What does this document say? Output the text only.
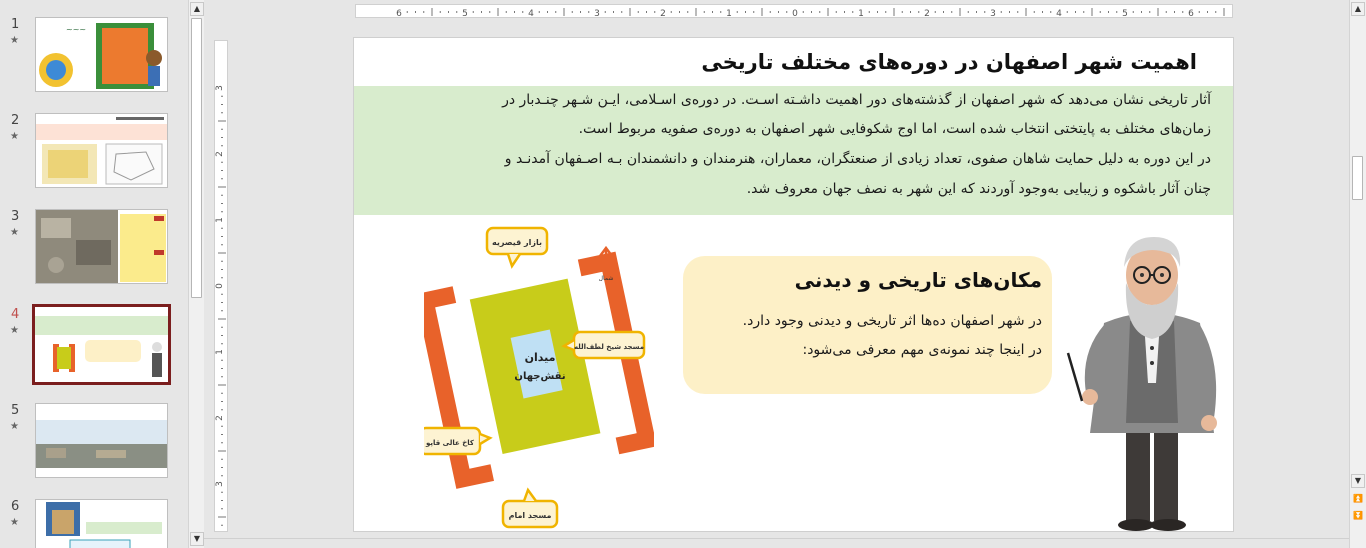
1
★
~~~
2
★
3
★
4
★
5
★
6
★
▲
▼
6	5	4	3	2	1	0	1	2	3	4	5	6
3
2
1
0
1
2
3
اهمیت شهر اصفهان در دوره‌های مختلف تاریخی
آثار تاریخی نشان می‌دهد که شهر اصفهان از گذشته‌های دور اهمیت داشـته اسـت. در دوره‌ی اسـلامی، ایـن شـهر چنـدبار در
زمان‌های مختلف به پایتختی انتخاب شده است، اما اوج شکوفایی شهر اصفهان به دوره‌ی صفویه مربوط است.
در این دوره به دلیل حمایت شاهان صفوی، تعداد زیادی از صنعتگران، معماران، هنرمندان و دانشمندان بـه اصـفهان آمدنـد و
چنان آثار باشکوه و زیبایی به‌وجود آوردند که این شهر به نصف جهان معروف شد.
میدان
نقش‌جهان
بازار قیصریه
مسجد شیخ لطف‌الله
کاخ عالی قاپو
مسجد امام
شمال	مکان‌های تاریخی و دیدنی
در شهر اصفهان ده‌ها اثر تاریخی و دیدنی وجود دارد.
در اینجا چند نمونه‌ی مهم معرفی می‌شود:
▲
▼
⏫
⏬
